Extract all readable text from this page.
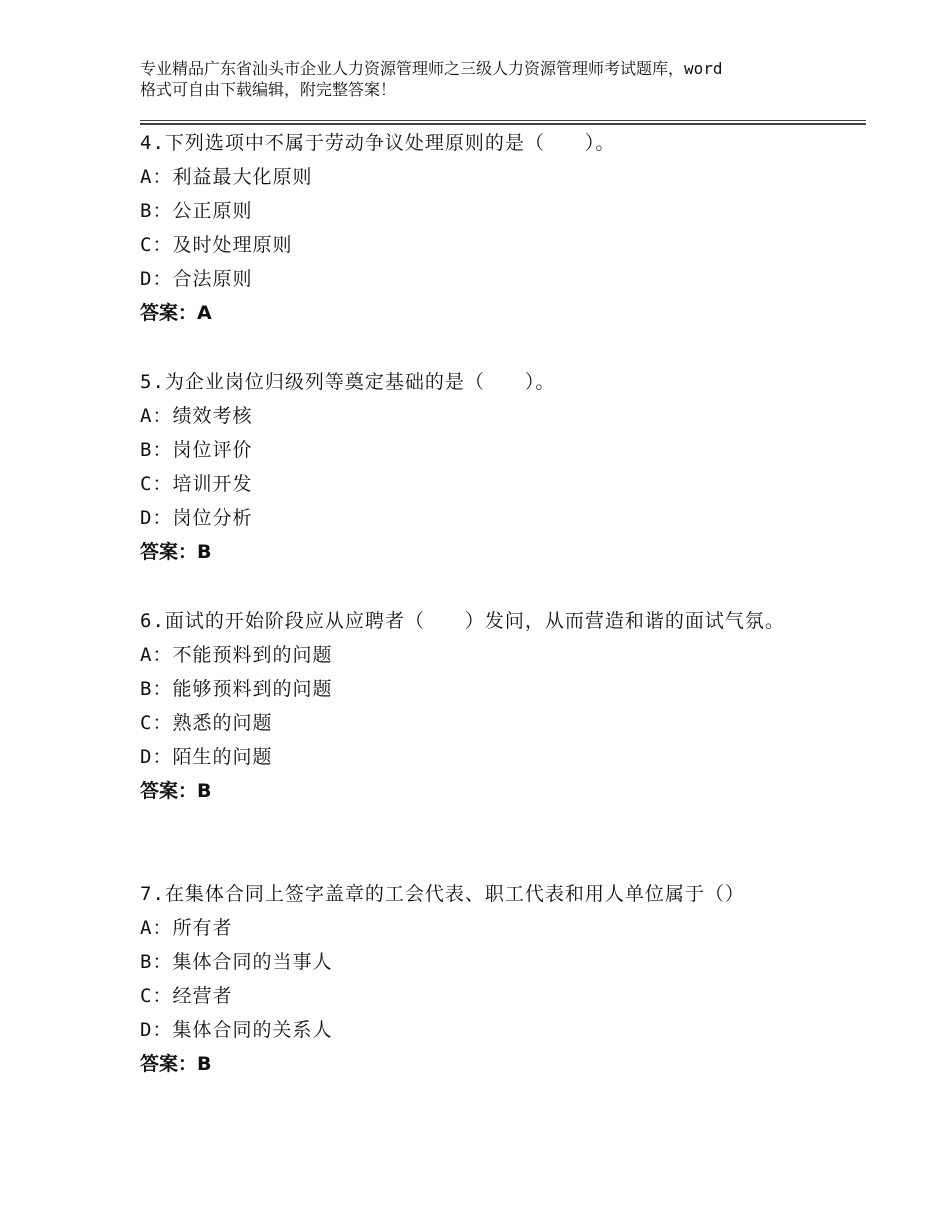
专业精品广东省汕头市企业人力资源管理师之三级人力资源管理师考试题库，word
格式可自由下载编辑，附完整答案！
4.下列选项中不属于劳动争议处理原则的是（　　）。
A：利益最大化原则
B：公正原则
C：及时处理原则
D：合法原则
答案：A
5.为企业岗位归级列等奠定基础的是（　　）。
A：绩效考核
B：岗位评价
C：培训开发
D：岗位分析
答案：B
6.面试的开始阶段应从应聘者（　　）发问，从而营造和谐的面试气氛。
A：不能预料到的问题
B：能够预料到的问题
C：熟悉的问题
D：陌生的问题
答案：B
7.在集体合同上签字盖章的工会代表、职工代表和用人单位属于（）
A：所有者
B：集体合同的当事人
C：经营者
D：集体合同的关系人
答案：B
